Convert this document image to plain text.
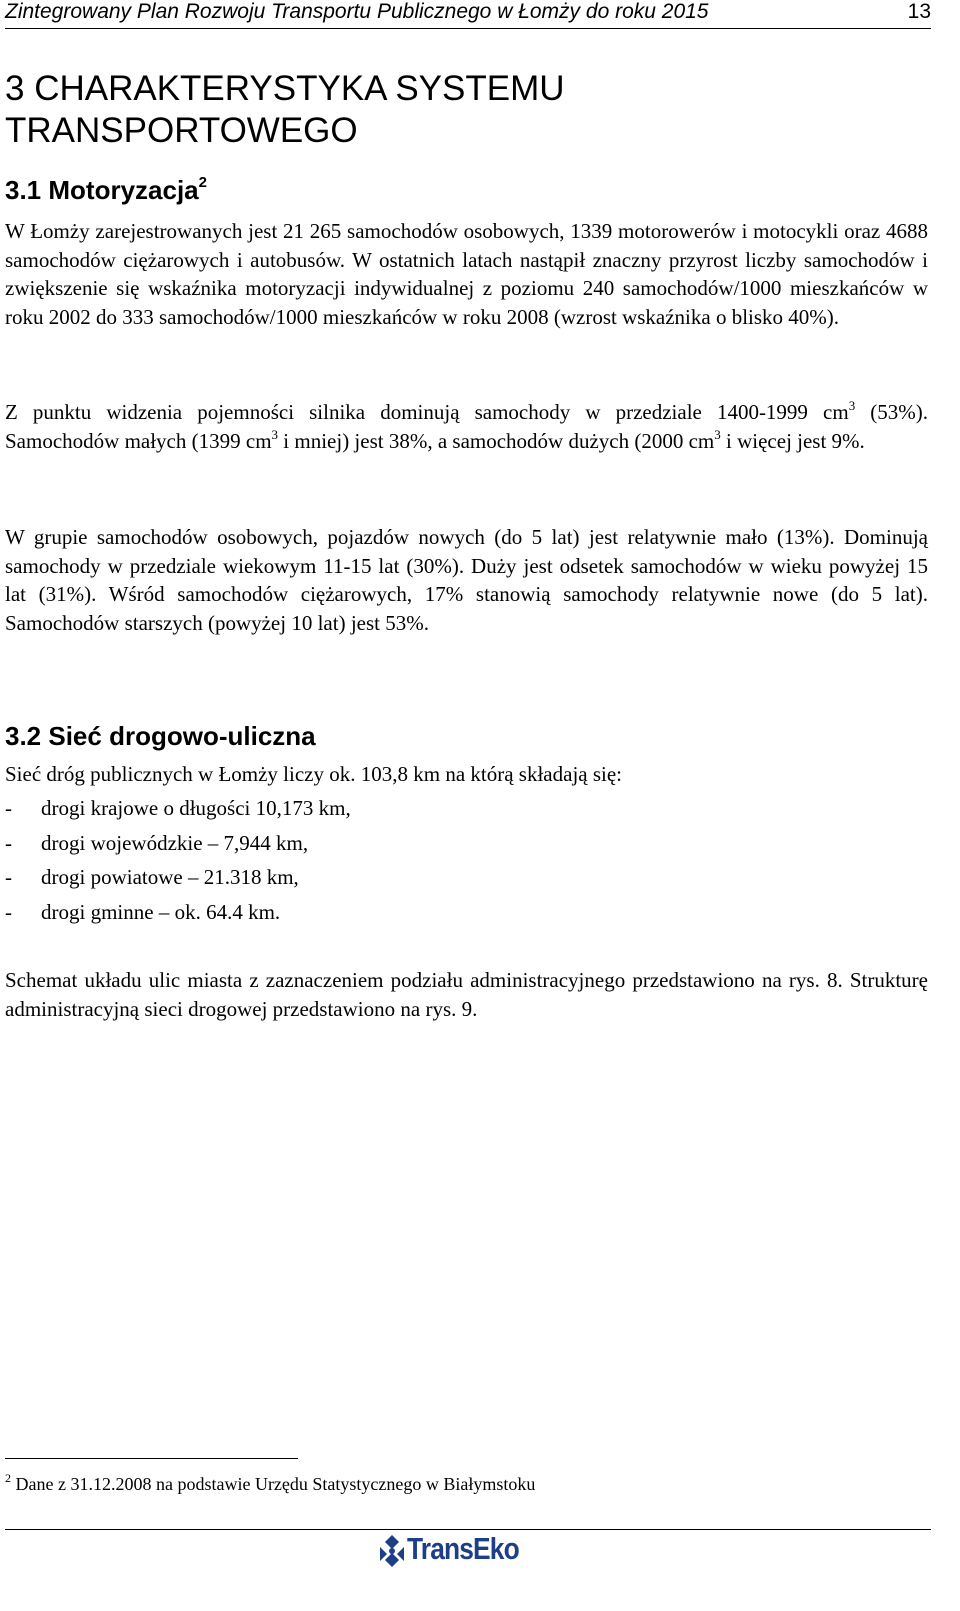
Zintegrowany Plan Rozwoju Transportu Publicznego w Łomży do roku 2015	13
3 CHARAKTERYSTYKA SYSTEMU TRANSPORTOWEGO
3.1 Motoryzacja$^2$
W Łomży zarejestrowanych jest 21 265 samochodów osobowych, 1339 motorowerów i motocykli oraz 4688 samochodów ciężarowych i autobusów. W ostatnich latach nastąpił znaczny przyrost liczby samochodów i zwiększenie się wskaźnika motoryzacji indywidualnej z poziomu 240 samochodów/1000 mieszkańców w roku 2002 do 333 samochodów/1000 mieszkańców w roku 2008 (wzrost wskaźnika o blisko 40%).
Z punktu widzenia pojemności silnika dominują samochody w przedziale 1400-1999 $cm^3$ (53%). Samochodów małych (1399 $cm^3$ i mniej) jest 38%, a samochodów dużych (2000 $cm^3$ i więcej jest 9%.
W grupie samochodów osobowych, pojazdów nowych (do 5 lat) jest relatywnie mało (13%). Dominują samochody w przedziale wiekowym 11-15 lat (30%). Duży jest odsetek samochodów w wieku powyżej 15 lat (31%). Wśród samochodów ciężarowych, 17% stanowią samochody relatywnie nowe (do 5 lat). Samochodów starszych (powyżej 10 lat) jest 53%.
3.2 Sieć drogowo-uliczna
Sieć dróg publicznych w Łomży liczy ok. 103,8 km na którą składają się:
- drogi krajowe o długości 10,173 km,
- drogi wojewódzkie – 7,944 km,
- drogi powiatowe – 21.318 km,
- drogi gminne – ok. 64.4 km.
Schemat układu ulic miasta z zaznaczeniem podziału administracyjnego przedstawiono na rys. 8. Strukturę administracyjną sieci drogowej przedstawiono na rys. 9.
$^2$ Dane z 31.12.2008 na podstawie Urzędu Statystycznego w Białymstoku
TransEko
